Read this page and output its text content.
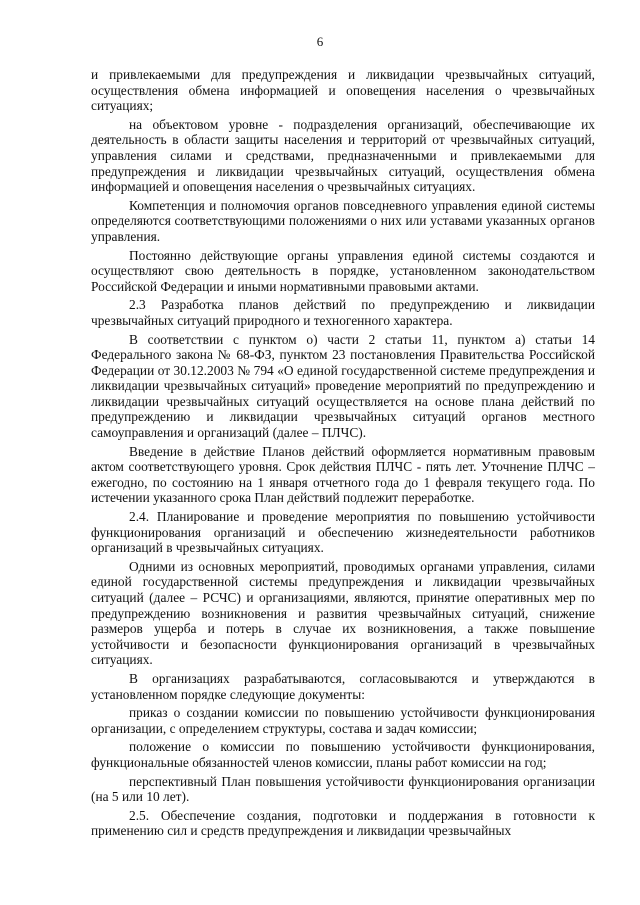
6

и привлекаемыми для предупреждения и ликвидации чрезвычайных ситуаций, осуществления обмена информацией и оповещения населения о чрезвычайных ситуациях;

на объектовом уровне - подразделения организаций, обеспечивающие их деятельность в области защиты населения и территорий от чрезвычайных ситуаций, управления силами и средствами, предназначенными и привлекаемыми для предупреждения и ликвидации чрезвычайных ситуаций, осуществления обмена информацией и оповещения населения о чрезвычайных ситуациях.

Компетенция и полномочия органов повседневного управления единой системы определяются соответствующими положениями о них или уставами указанных органов управления.

Постоянно действующие органы управления единой системы создаются и осуществляют свою деятельность в порядке, установленном законодательством Российской Федерации и иными нормативными правовыми актами.

2.3 Разработка планов действий по предупреждению и ликвидации чрезвычайных ситуаций природного и техногенного характера.

В соответствии с пунктом о) части 2 статьи 11, пунктом а) статьи 14 Федерального закона № 68-ФЗ, пунктом 23 постановления Правительства Российской Федерации от 30.12.2003 № 794 «О единой государственной системе предупреждения и ликвидации чрезвычайных ситуаций» проведение мероприятий по предупреждению и ликвидации чрезвычайных ситуаций осуществляется на основе плана действий по предупреждению и ликвидации чрезвычайных ситуаций органов местного самоуправления и организаций (далее – ПЛЧС).

Введение в действие Планов действий оформляется нормативным правовым актом соответствующего уровня. Срок действия ПЛЧС - пять лет. Уточнение ПЛЧС – ежегодно, по состоянию на 1 января отчетного года до 1 февраля текущего года. По истечении указанного срока План действий подлежит переработке.

2.4. Планирование и проведение мероприятия по повышению устойчивости функционирования организаций и обеспечению жизнедеятельности работников организаций в чрезвычайных ситуациях.

Одними из основных мероприятий, проводимых органами управления, силами единой государственной системы предупреждения и ликвидации чрезвычайных ситуаций (далее – РСЧС) и организациями, являются, принятие оперативных мер по предупреждению возникновения и развития чрезвычайных ситуаций, снижение размеров ущерба и потерь в случае их возникновения, а также повышение устойчивости и безопасности функционирования организаций в чрезвычайных ситуациях.

В организациях разрабатываются, согласовываются и утверждаются в установленном порядке следующие документы:

приказ о создании комиссии по повышению устойчивости функционирования организации, с определением структуры, состава и задач комиссии;

положение о комиссии по повышению устойчивости функционирования, функциональные обязанностей членов комиссии, планы работ комиссии на год;

перспективный План повышения устойчивости функционирования организации (на 5 или 10 лет).

2.5. Обеспечение создания, подготовки и поддержания в готовности к применению сил и средств предупреждения и ликвидации чрезвычайных
